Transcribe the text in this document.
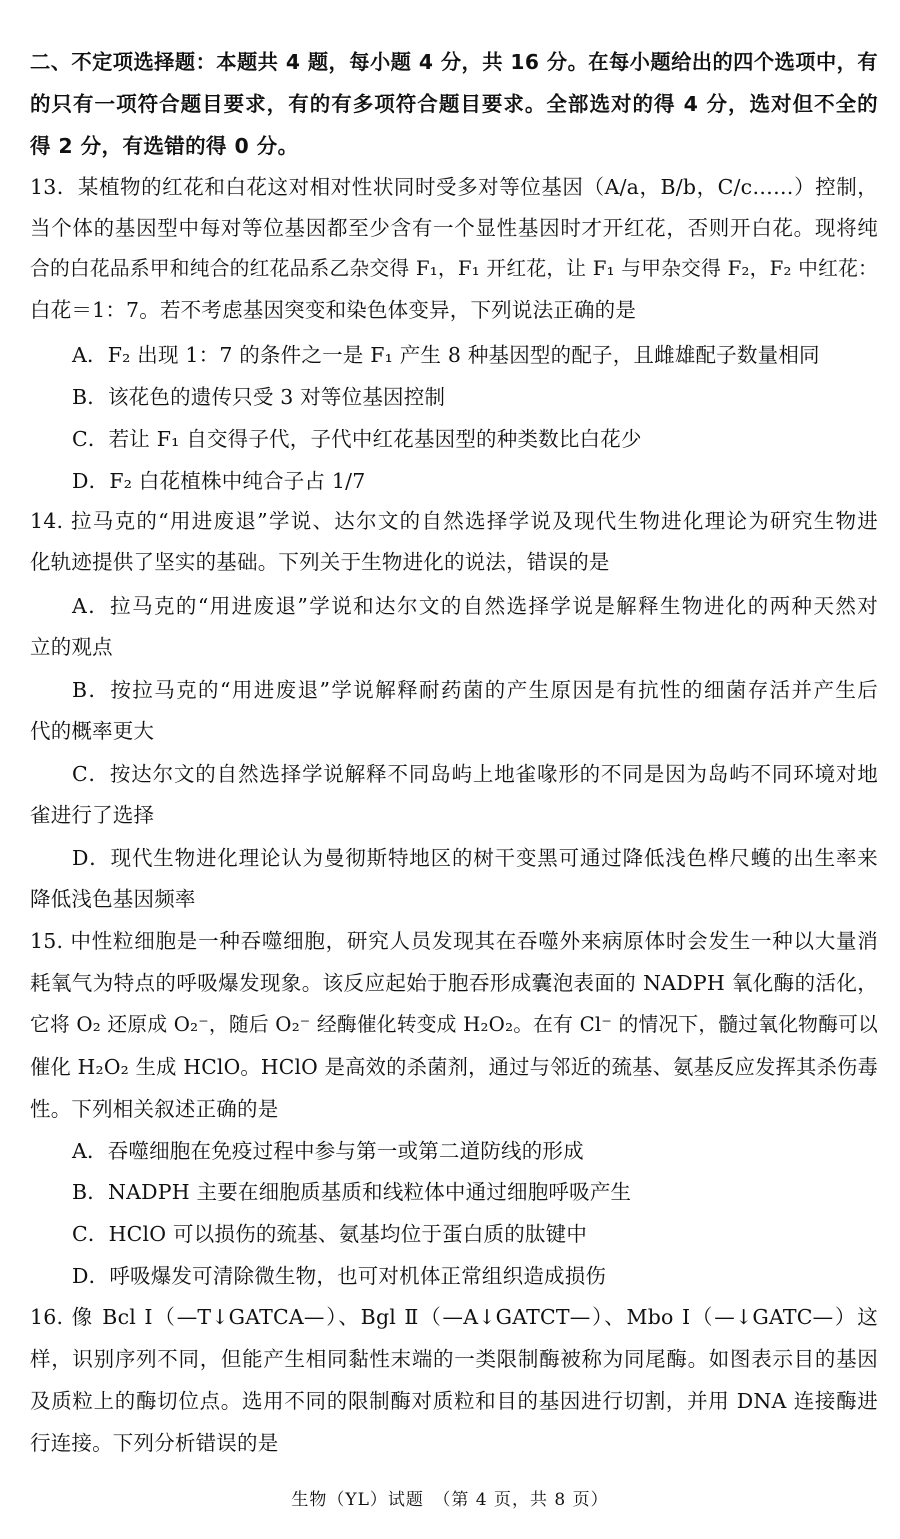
二、不定项选择题：本题共 4 题，每小题 4 分，共 16 分。在每小题给出的四个选项中，有
的只有一项符合题目要求，有的有多项符合题目要求。全部选对的得 4 分，选对但不全的
得 2 分，有选错的得 0 分。
13．某植物的红花和白花这对相对性状同时受多对等位基因（A/a，B/b，C/c……）控制，
当个体的基因型中每对等位基因都至少含有一个显性基因时才开红花，否则开白花。现将纯
合的白花品系甲和纯合的红花品系乙杂交得 F₁，F₁ 开红花，让 F₁ 与甲杂交得 F₂，F₂ 中红花：
白花＝1：7。若不考虑基因突变和染色体变异，下列说法正确的是
A．F₂ 出现 1：7 的条件之一是 F₁ 产生 8 种基因型的配子，且雌雄配子数量相同
B．该花色的遗传只受 3 对等位基因控制
C．若让 F₁ 自交得子代，子代中红花基因型的种类数比白花少
D．F₂ 白花植株中纯合子占 1/7
14. 拉马克的“用进废退”学说、达尔文的自然选择学说及现代生物进化理论为研究生物进
化轨迹提供了坚实的基础。下列关于生物进化的说法，错误的是
A．拉马克的“用进废退”学说和达尔文的自然选择学说是解释生物进化的两种天然对
立的观点
B．按拉马克的“用进废退”学说解释耐药菌的产生原因是有抗性的细菌存活并产生后
代的概率更大
C．按达尔文的自然选择学说解释不同岛屿上地雀喙形的不同是因为岛屿不同环境对地
雀进行了选择
D．现代生物进化理论认为曼彻斯特地区的树干变黑可通过降低浅色桦尺蠖的出生率来
降低浅色基因频率
15. 中性粒细胞是一种吞噬细胞，研究人员发现其在吞噬外来病原体时会发生一种以大量消
耗氧气为特点的呼吸爆发现象。该反应起始于胞吞形成囊泡表面的 NADPH 氧化酶的活化，
它将 O₂ 还原成 O₂⁻，随后 O₂⁻ 经酶催化转变成 H₂O₂。在有 Cl⁻ 的情况下，髓过氧化物酶可以
催化 H₂O₂ 生成 HClO。HClO 是高效的杀菌剂，通过与邻近的巯基、氨基反应发挥其杀伤毒
性。下列相关叙述正确的是
A．吞噬细胞在免疫过程中参与第一或第二道防线的形成
B．NADPH 主要在细胞质基质和线粒体中通过细胞呼吸产生
C．HClO 可以损伤的巯基、氨基均位于蛋白质的肽键中
D．呼吸爆发可清除微生物，也可对机体正常组织造成损伤
16. 像 Bcl Ⅰ（—T↓GATCA—）、Bgl Ⅱ（—A↓GATCT—）、Mbo Ⅰ（—↓GATC—）这
样，识别序列不同，但能产生相同黏性末端的一类限制酶被称为同尾酶。如图表示目的基因
及质粒上的酶切位点。选用不同的限制酶对质粒和目的基因进行切割，并用 DNA 连接酶进
行连接。下列分析错误的是
生物（YL）试题　（第 4 页，共 8 页）
